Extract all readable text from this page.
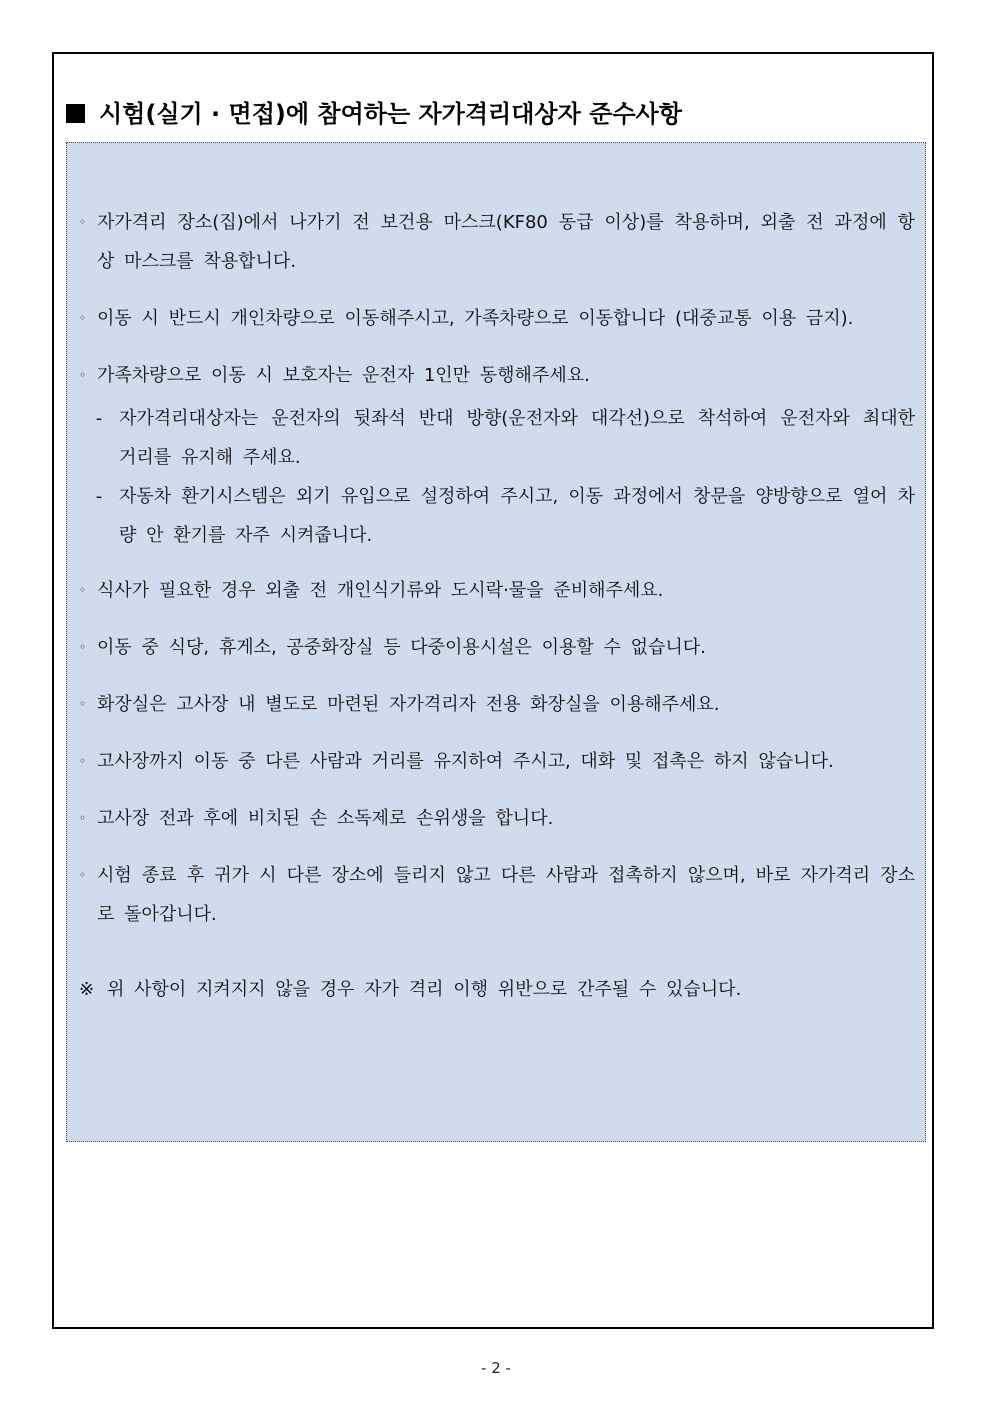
시험(실기 · 면접)에 참여하는 자가격리대상자 준수사항
◦ 자가격리 장소(집)에서 나가기 전 보건용 마스크(KF80 동급 이상)를 착용하며, 외출 전 과정에 항상 마스크를 착용합니다.
◦ 이동 시 반드시 개인차량으로 이동해주시고, 가족차량으로 이동합니다 (대중교통 이용 금지).
◦ 가족차량으로 이동 시 보호자는 운전자 1인만 동행해주세요.
- 자가격리대상자는 운전자의 뒷좌석 반대 방향(운전자와 대각선)으로 착석하여 운전자와 최대한 거리를 유지해 주세요.
- 자동차 환기시스템은 외기 유입으로 설정하여 주시고, 이동 과정에서 창문을 양방향으로 열어 차량 안 환기를 자주 시켜줍니다.
◦ 식사가 필요한 경우 외출 전 개인식기류와 도시락·물을 준비해주세요.
◦ 이동 중 식당, 휴게소, 공중화장실 등 다중이용시설은 이용할 수 없습니다.
◦ 화장실은 고사장 내 별도로 마련된 자가격리자 전용 화장실을 이용해주세요.
◦ 고사장까지 이동 중 다른 사람과 거리를 유지하여 주시고, 대화 및 접촉은 하지 않습니다.
◦ 고사장 전과 후에 비치된 손 소독제로 손위생을 합니다.
◦ 시험 종료 후 귀가 시 다른 장소에 들리지 않고 다른 사람과 접촉하지 않으며, 바로 자가격리 장소로 돌아갑니다.
※ 위 사항이 지켜지지 않을 경우 자가 격리 이행 위반으로 간주될 수 있습니다.
- 2 -
